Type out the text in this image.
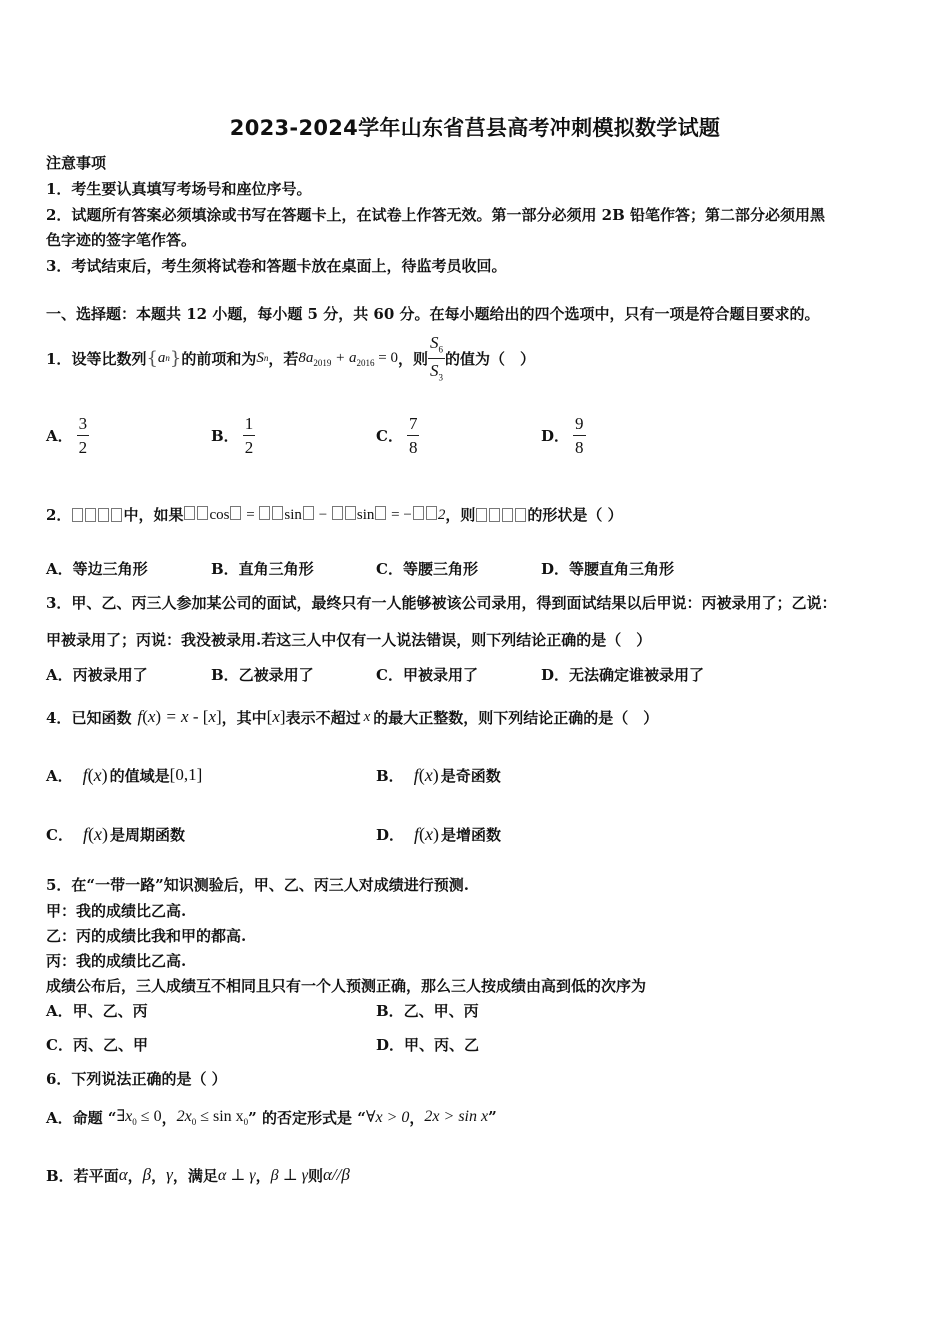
2023-2024学年山东省莒县高考冲刺模拟数学试题
注意事项
1．考生要认真填写考场号和座位序号。
2．试题所有答案必须填涂或书写在答题卡上，在试卷上作答无效。第一部分必须用 2B 铅笔作答；第二部分必须用黑
色字迹的签字笔作答。
3．考试结束后，考生须将试卷和答题卡放在桌面上，待监考员收回。
一、选择题：本题共 12 小题，每小题 5 分，共 60 分。在每小题给出的四个选项中，只有一项是符合题目要求的。
1． 设等比数列 { a n } 的前项和为 S n ，若 $8a_{2019} + a_{2016} = 0$ ，则 $\frac{S_6}{S_3}$ 的值为（　）
A． $\frac{3}{2}$	B． $\frac{1}{2}$	C． $\frac{7}{8}$	D． $\frac{9}{8}$
2．	中，如果	cos = sin − sin = − 2 ，则	的形状是（ ）
A．等边三角形	B．直角三角形	C．等腰三角形	D．等腰直角三角形
3．甲、乙、丙三人参加某公司的面试，最终只有一人能够被该公司录用，得到面试结果以后甲说：丙被录用了；乙说：
甲被录用了；丙说：我没被录用.若这三人中仅有一人说法错误，则下列结论正确的是（　）
A．丙被录用了	B．乙被录用了	C．甲被录用了	D．无法确定谁被录用了
4． 已知函数 f(x) = x - [x] ，其中 [x] 表示不超过 x 的最大正整数，则下列结论正确的是（　）
A． f(x) 的值域是 [0,1]	B． f(x) 是奇函数
C． f(x) 是周期函数	D． f(x) 是增函数
5．在“一带一路”知识测验后，甲、乙、丙三人对成绩进行预测.
甲：我的成绩比乙高.
乙：丙的成绩比我和甲的都高.
丙：我的成绩比乙高.
成绩公布后，三人成绩互不相同且只有一个人预测正确，那么三人按成绩由高到低的次序为
A．甲、乙、丙	B．乙、甲、丙
C．丙、乙、甲	D．甲、丙、乙
6．下列说法正确的是（ ）
A．命题 “ $\exists x_0 \le 0$ ， $2x_0 \le \sin x_0$ ” 的否定形式是 “ ∀x > 0 ， 2x > sin x ”
B．若平面 α ， β ， γ ，满足 α ⊥ γ ， β ⊥ γ 则 α//β
